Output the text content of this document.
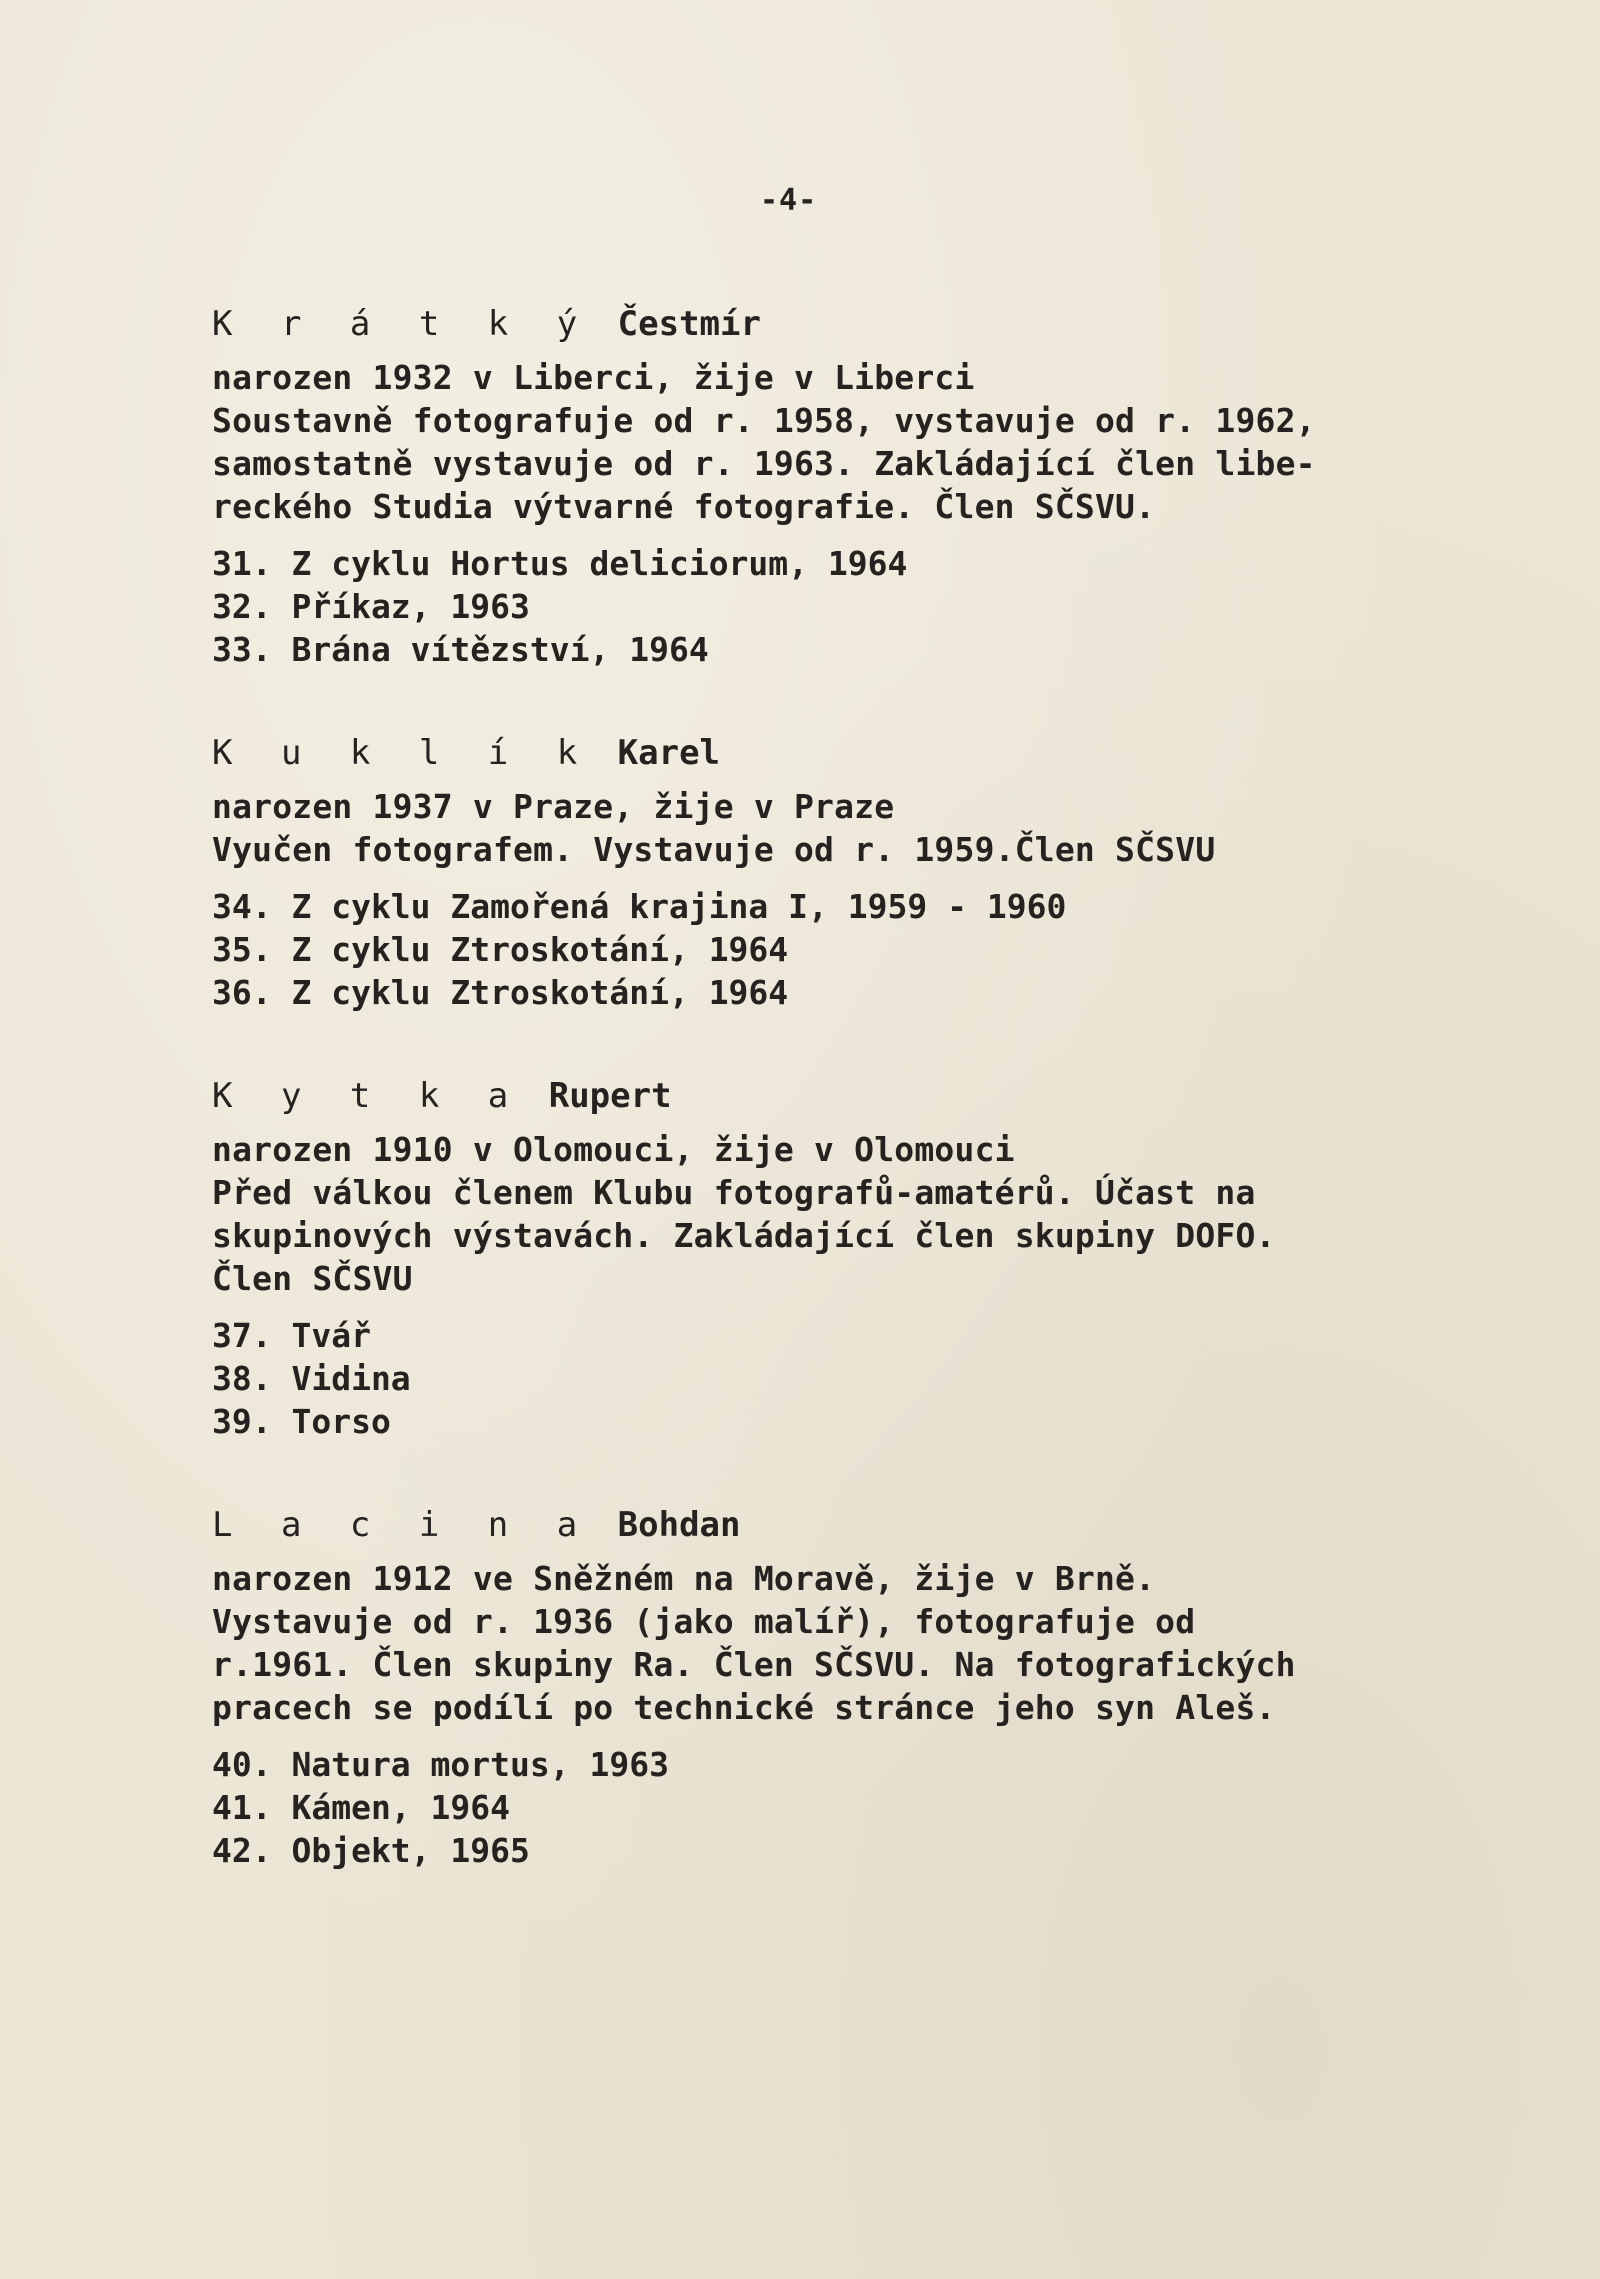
-4-
K r á t k ý Čestmír
narozen 1932 v Liberci, žije v Liberci
Soustavně fotografuje od r. 1958, vystavuje od r. 1962,
samostatně vystavuje od r. 1963. Zakládající člen libe-
reckého Studia výtvarné fotografie. Člen SČSVU.
31. Z cyklu Hortus deliciorum, 1964
32. Příkaz, 1963
33. Brána vítězství, 1964
K u k l í k Karel
narozen 1937 v Praze, žije v Praze
Vyučen fotografem. Vystavuje od r. 1959.Člen SČSVU
34. Z cyklu Zamořená krajina I, 1959 - 1960
35. Z cyklu Ztroskotání, 1964
36. Z cyklu Ztroskotání, 1964
K y t k a Rupert
narozen 1910 v Olomouci, žije v Olomouci
Před válkou členem Klubu fotografů-amatérů. Účast na
skupinových výstavách. Zakládající člen skupiny DOFO.
Člen SČSVU
37. Tvář
38. Vidina
39. Torso
L a c i n a Bohdan
narozen 1912 ve Sněžném na Moravě, žije v Brně.
Vystavuje od r. 1936 (jako malíř), fotografuje od
r.1961. Člen skupiny Ra. Člen SČSVU. Na fotografických
pracech se podílí po technické stránce jeho syn Aleš.
40. Natura mortus, 1963
41. Kámen, 1964
42. Objekt, 1965
